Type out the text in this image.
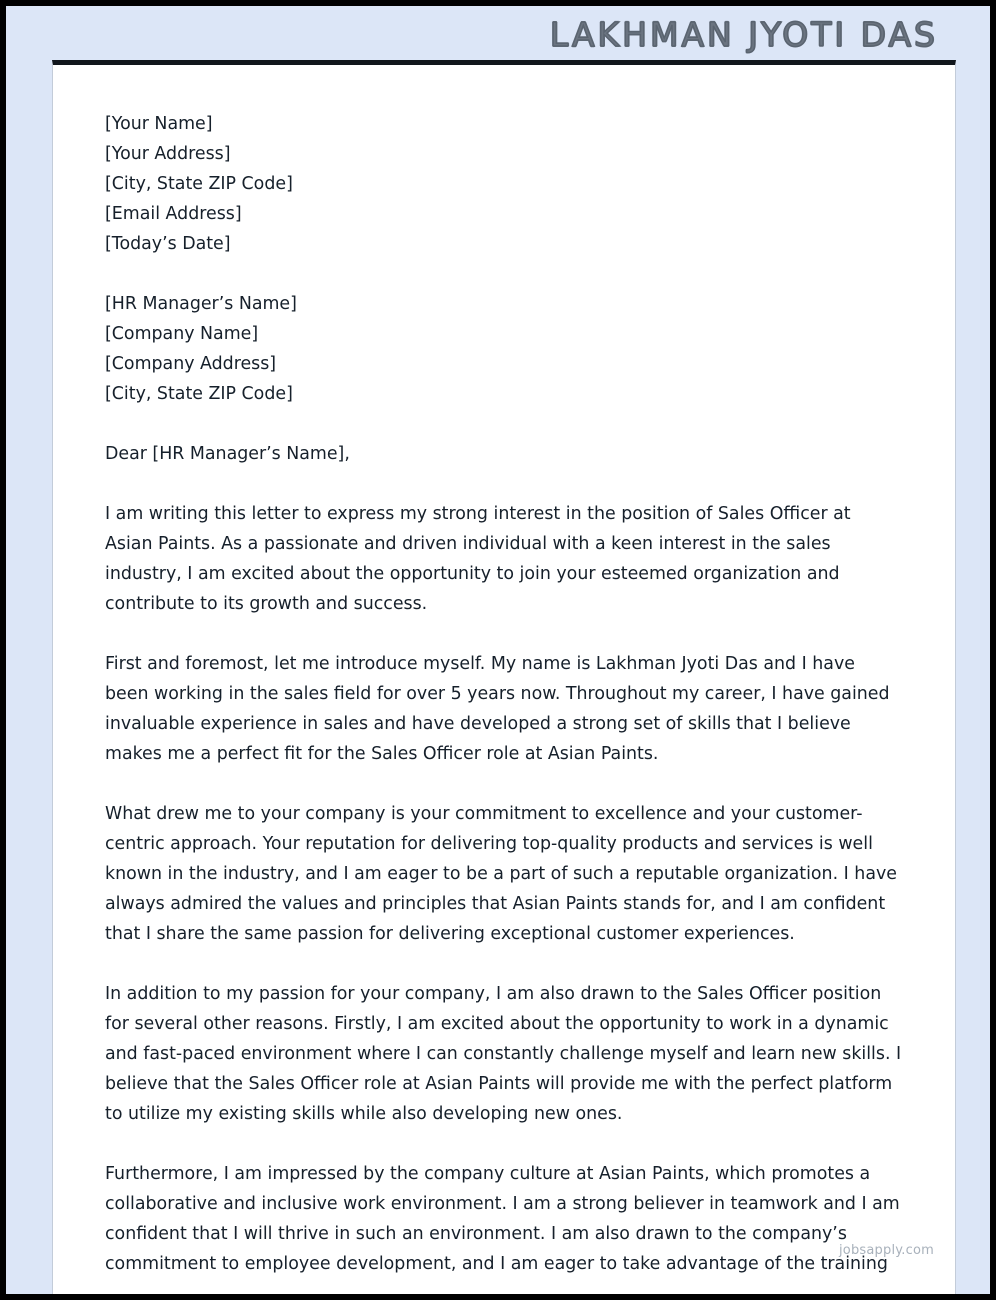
LAKHMAN JYOTI DAS
[Your Name]
[Your Address]
[City, State ZIP Code]
[Email Address]
[Today’s Date]
[HR Manager’s Name]
[Company Name]
[Company Address]
[City, State ZIP Code]

Dear [HR Manager’s Name],

I am writing this letter to express my strong interest in the position of Sales Officer at Asian Paints. As a passionate and driven individual with a keen interest in the sales industry, I am excited about the opportunity to join your esteemed organization and contribute to its growth and success.

First and foremost, let me introduce myself. My name is Lakhman Jyoti Das and I have been working in the sales field for over 5 years now. Throughout my career, I have gained invaluable experience in sales and have developed a strong set of skills that I believe makes me a perfect fit for the Sales Officer role at Asian Paints.

What drew me to your company is your commitment to excellence and your customer-centric approach. Your reputation for delivering top-quality products and services is well known in the industry, and I am eager to be a part of such a reputable organization. I have always admired the values and principles that Asian Paints stands for, and I am confident that I share the same passion for delivering exceptional customer experiences.

In addition to my passion for your company, I am also drawn to the Sales Officer position for several other reasons. Firstly, I am excited about the opportunity to work in a dynamic and fast-paced environment where I can constantly challenge myself and learn new skills. I believe that the Sales Officer role at Asian Paints will provide me with the perfect platform to utilize my existing skills while also developing new ones.

Furthermore, I am impressed by the company culture at Asian Paints, which promotes a collaborative and inclusive work environment. I am a strong believer in teamwork and I am confident that I will thrive in such an environment. I am also drawn to the company’s commitment to employee development, and I am eager to take advantage of the training

jobsapply.com
